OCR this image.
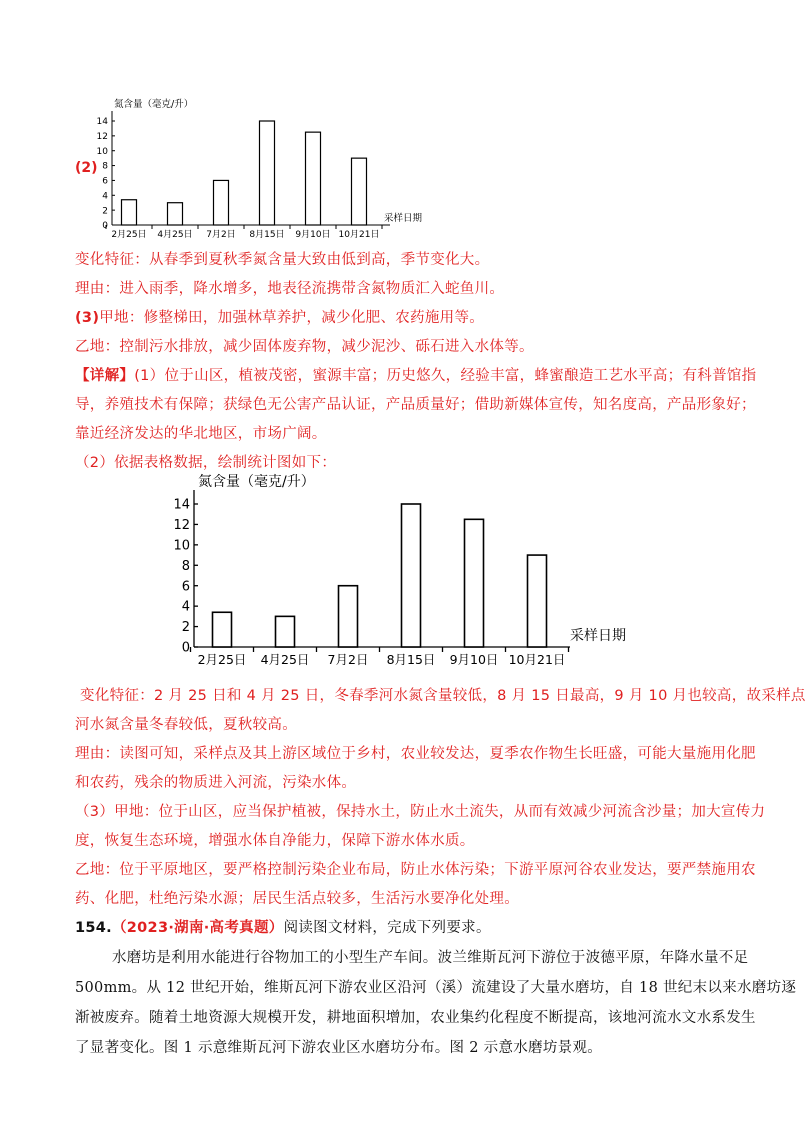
(2)
0
2
4
6
8
10
12
14
氮含量（毫克/升）
2月25日 4月25日 7月2日 8月15日 9月10日 10月21日
采样日期
变化特征：从春季到夏秋季氮含量大致由低到高，季节变化大。
理由：进入雨季，降水增多，地表径流携带含氮物质汇入蛇鱼川。
(3)甲地：修整梯田，加强林草养护，减少化肥、农药施用等。
乙地：控制污水排放，减少固体废弃物，减少泥沙、砾石进入水体等。
【详解】(1）位于山区，植被茂密，蜜源丰富；历史悠久，经验丰富，蜂蜜酿造工艺水平高；有科普馆指
导，养殖技术有保障；获绿色无公害产品认证，产品质量好；借助新媒体宣传，知名度高，产品形象好；
靠近经济发达的华北地区，市场广阔。
（2）依据表格数据，绘制统计图如下：
0
2
4
6
8
10
12
14
氮含量（毫克/升）
2月25日 4月25日 7月2日 8月15日 9月10日 10月21日
采样日期
变化特征：2 月 25 日和 4 月 25 日，冬春季河水氮含量较低，8 月 15 日最高，9 月 10 月也较高，故采样点
河水氮含量冬春较低，夏秋较高。
理由：读图可知，采样点及其上游区域位于乡村，农业较发达，夏季农作物生长旺盛，可能大量施用化肥
和农药，残余的物质进入河流，污染水体。
（3）甲地：位于山区，应当保护植被，保持水土，防止水土流失，从而有效减少河流含沙量；加大宣传力
度，恢复生态环境，增强水体自净能力，保障下游水体水质。
乙地：位于平原地区，要严格控制污染企业布局，防止水体污染；下游平原河谷农业发达，要严禁施用农
药、化肥，杜绝污染水源；居民生活点较多，生活污水要净化处理。
154.（2023·湖南·高考真题）阅读图文材料，完成下列要求。
水磨坊是利用水能进行谷物加工的小型生产车间。波兰维斯瓦河下游位于波德平原，年降水量不足
500mm。从 12 世纪开始，维斯瓦河下游农业区沿河（溪）流建设了大量水磨坊，自 18 世纪末以来水磨坊逐
渐被废弃。随着土地资源大规模开发，耕地面积增加，农业集约化程度不断提高，该地河流水文水系发生
了显著变化。图 1 示意维斯瓦河下游农业区水磨坊分布。图 2 示意水磨坊景观。
